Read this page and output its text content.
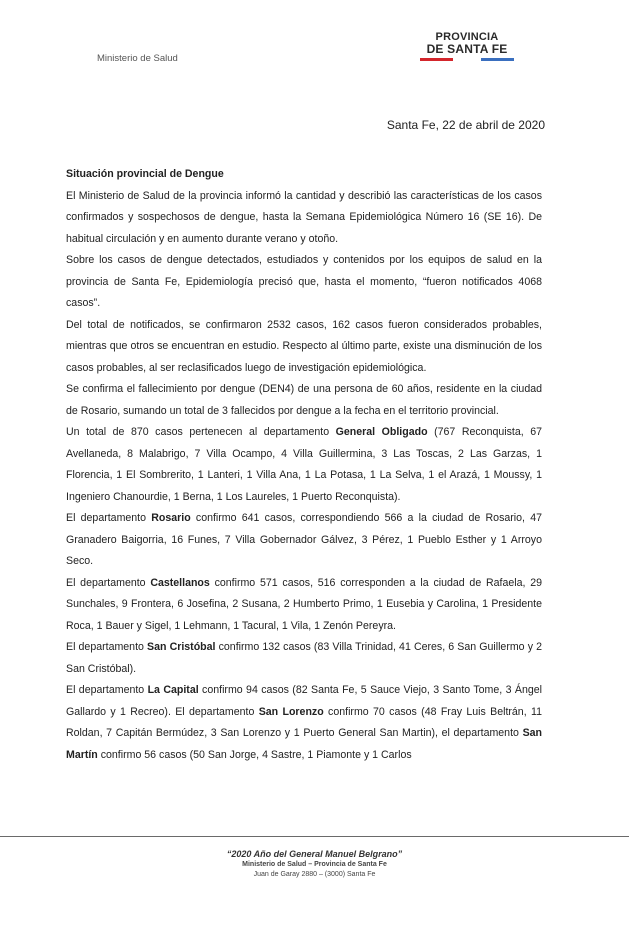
Ministerio de Salud
PROVINCIA
DE SANTA FE
Santa Fe, 22 de abril de 2020

Situación provincial de Dengue

El Ministerio de Salud de la provincia informó la cantidad y describió las características de los casos confirmados y sospechosos de dengue, hasta la Semana Epidemiológica Número 16 (SE 16). De habitual circulación y en aumento durante verano y otoño.

Sobre los casos de dengue detectados, estudiados y contenidos por los equipos de salud en la provincia de Santa Fe, Epidemiología precisó que, hasta el momento, “fueron notificados 4068 casos”.

Del total de notificados, se confirmaron 2532 casos, 162 casos fueron considerados probables, mientras que otros se encuentran en estudio. Respecto al último parte, existe una disminución de los casos probables, al ser reclasificados luego de investigación epidemiológica.

Se confirma el fallecimiento por dengue (DEN4) de una persona de 60 años, residente en la ciudad de Rosario, sumando un total de 3 fallecidos por dengue a la fecha en el territorio provincial.

Un total de 870 casos pertenecen al departamento General Obligado (767 Reconquista, 67 Avellaneda, 8 Malabrigo, 7 Villa Ocampo, 4 Villa Guillermina, 3 Las Toscas, 2 Las Garzas, 1 Florencia, 1 El Sombrerito, 1 Lanteri, 1 Villa Ana, 1 La Potasa, 1 La Selva, 1 el Arazá, 1 Moussy, 1 Ingeniero Chanourdie, 1 Berna, 1 Los Laureles, 1 Puerto Reconquista).

El departamento Rosario confirmo 641 casos, correspondiendo 566 a la ciudad de Rosario, 47 Granadero Baigorria, 16 Funes, 7 Villa Gobernador Gálvez, 3 Pérez, 1 Pueblo Esther y 1 Arroyo Seco.

El departamento Castellanos confirmo 571 casos, 516 corresponden a la ciudad de Rafaela, 29 Sunchales, 9 Frontera, 6 Josefina, 2 Susana, 2 Humberto Primo, 1 Eusebia y Carolina, 1 Presidente Roca, 1 Bauer y Sigel, 1 Lehmann, 1 Tacural, 1 Vila, 1 Zenón Pereyra.

El departamento San Cristóbal confirmo 132 casos (83 Villa Trinidad, 41 Ceres, 6 San Guillermo y 2 San Cristóbal).

El departamento La Capital confirmo 94 casos (82 Santa Fe, 5 Sauce Viejo, 3 Santo Tome, 3 Ángel Gallardo y 1 Recreo). El departamento San Lorenzo confirmo 70 casos (48 Fray Luis Beltrán, 11 Roldan, 7 Capitán Bermúdez, 3 San Lorenzo y 1 Puerto General San Martin), el departamento San Martín confirmo 56 casos (50 San Jorge, 4 Sastre, 1 Piamonte y 1 Carlos

“2020 Año del General Manuel Belgrano”
Ministerio de Salud – Provincia de Santa Fe
Juan de Garay 2880 – (3000) Santa Fe
